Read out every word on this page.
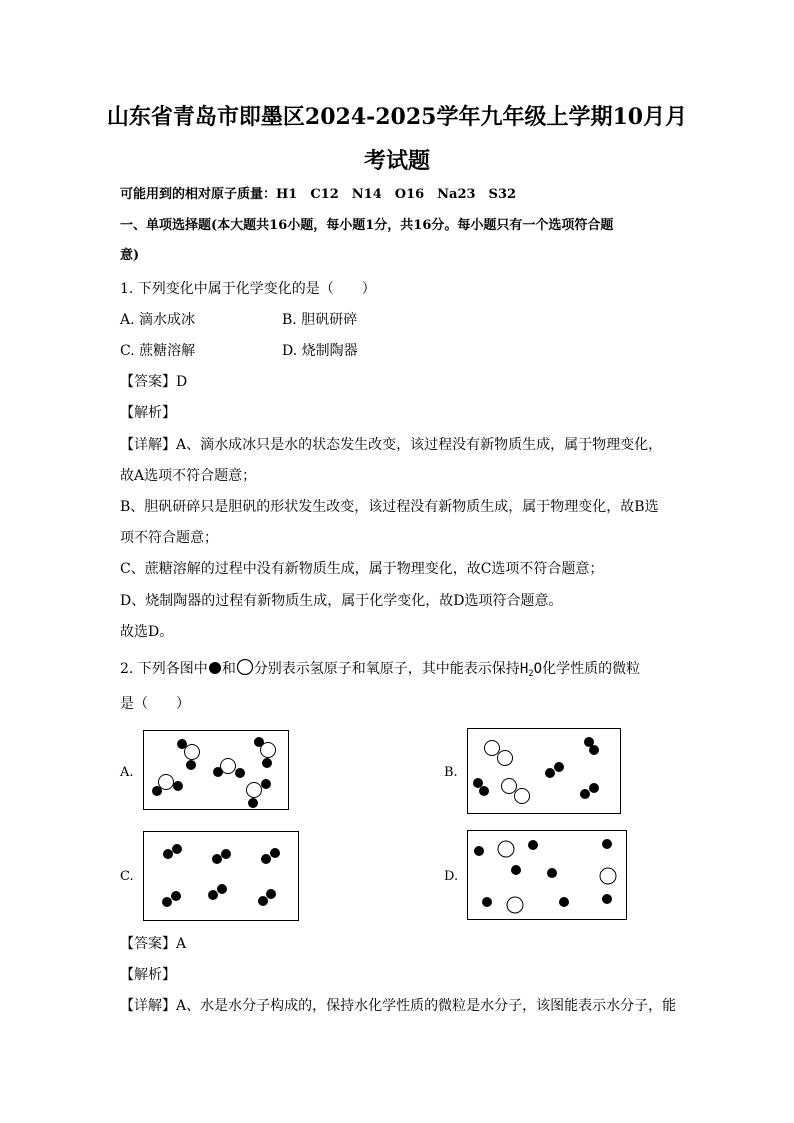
山东省青岛市即墨区2024-2025学年九年级上学期10月月
考试题
可能用到的相对原子质量：H1　C12　N14　O16　Na23　S32
一、单项选择题(本大题共16小题，每小题1分，共16分。每小题只有一个选项符合题
意)
1. 下列变化中属于化学变化的是（　　）
A. 滴水成冰	B. 胆矾研碎
C. 蔗糖溶解	D. 烧制陶器
【答案】D
【解析】
【详解】A、滴水成冰只是水的状态发生改变，该过程没有新物质生成，属于物理变化，
故A选项不符合题意；
B、胆矾研碎只是胆矾的形状发生改变，该过程没有新物质生成，属于物理变化，故B选
项不符合题意；
C、蔗糖溶解的过程中没有新物质生成，属于物理变化，故C选项不符合题意；
D、烧制陶器的过程有新物质生成，属于化学变化，故D选项符合题意。
故选D。
2. 下列各图中 和 分别表示氢原子和氧原子，其中能表示保持$H_2O$化学性质的微粒
是（　　）
A.	B.
C.	D.
【答案】A
【解析】
【详解】A、水是水分子构成的，保持水化学性质的微粒是水分子，该图能表示水分子，能
